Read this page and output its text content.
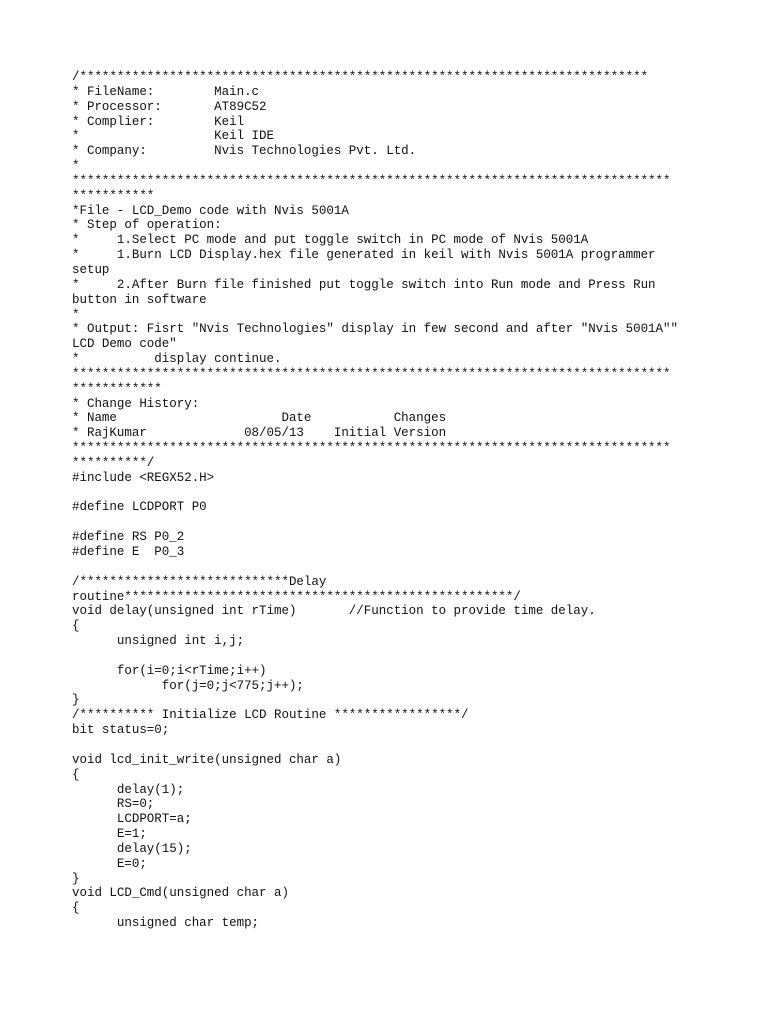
/****************************************************************************
* FileName:        Main.c
* Processor:       AT89C52
* Complier:        Keil
*                  Keil IDE
* Company:         Nvis Technologies Pvt. Ltd.
*
********************************************************************************
***********
*File - LCD_Demo code with Nvis 5001A
* Step of operation:
*     1.Select PC mode and put toggle switch in PC mode of Nvis 5001A
*     1.Burn LCD Display.hex file generated in keil with Nvis 5001A programmer
setup
*     2.After Burn file finished put toggle switch into Run mode and Press Run
button in software
*
* Output: Fisrt "Nvis Technologies" display in few second and after "Nvis 5001A""
LCD Demo code"
*          display continue.
********************************************************************************
************
* Change History:
* Name                      Date           Changes
* RajKumar             08/05/13    Initial Version
********************************************************************************
**********/
#include <REGX52.H>
#define LCDPORT P0
#define RS P0_2
#define E  P0_3
/****************************Delay
routine****************************************************/
void delay(unsigned int rTime)       //Function to provide time delay.
{
unsigned int i,j;
for(i=0;i<rTime;i++)
for(j=0;j<775;j++);
}
/********** Initialize LCD Routine *****************/
bit status=0;
void lcd_init_write(unsigned char a)
{
delay(1);
RS=0;
LCDPORT=a;
E=1;
delay(15);
E=0;
}
void LCD_Cmd(unsigned char a)
{
unsigned char temp;
